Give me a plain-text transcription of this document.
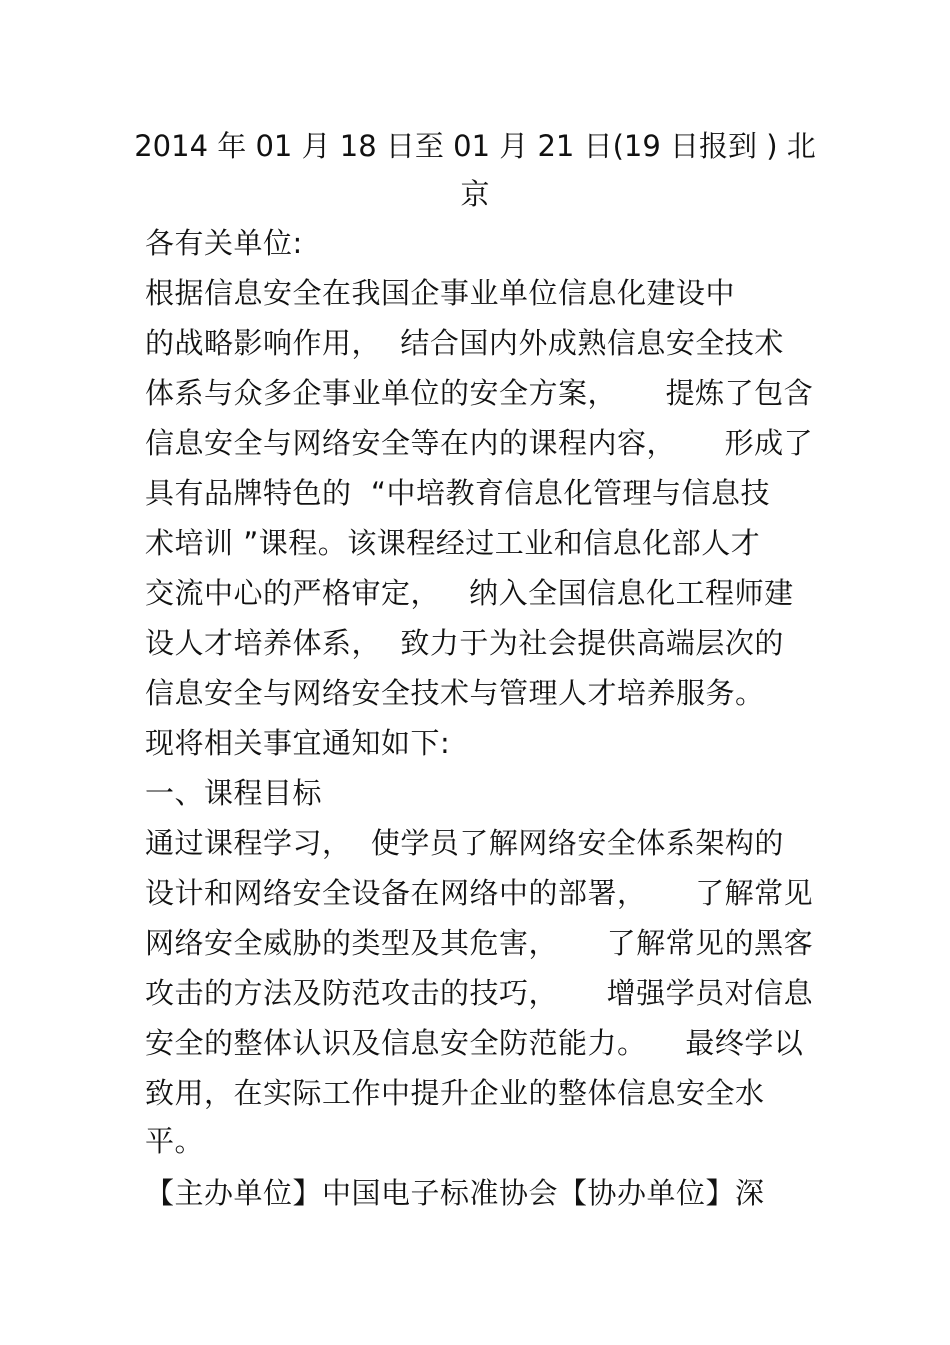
2014 年 01 月 18 日至 01 月 21 日(19 日报到 ) 北
京
各有关单位:
根据信息安全在我国企事业单位信息化建设中
的战略影响作用，  结合国内外成熟信息安全技术
体系与众多企事业单位的安全方案，     提炼了包含
信息安全与网络安全等在内的课程内容，     形成了
具有品牌特色的  “中培教育信息化管理与信息技
术培训 ”课程。该课程经过工业和信息化部人才
交流中心的严格审定，   纳入全国信息化工程师建
设人才培养体系，  致力于为社会提供高端层次的
信息安全与网络安全技术与管理人才培养服务。
现将相关事宜通知如下:
一、课程目标
通过课程学习，  使学员了解网络安全体系架构的
设计和网络安全设备在网络中的部署，     了解常见
网络安全威胁的类型及其危害，     了解常见的黑客
攻击的方法及防范攻击的技巧，     增强学员对信息
安全的整体认识及信息安全防范能力。    最终学以
致用，在实际工作中提升企业的整体信息安全水
平。
【主办单位】中国电子标准协会【协办单位】深
